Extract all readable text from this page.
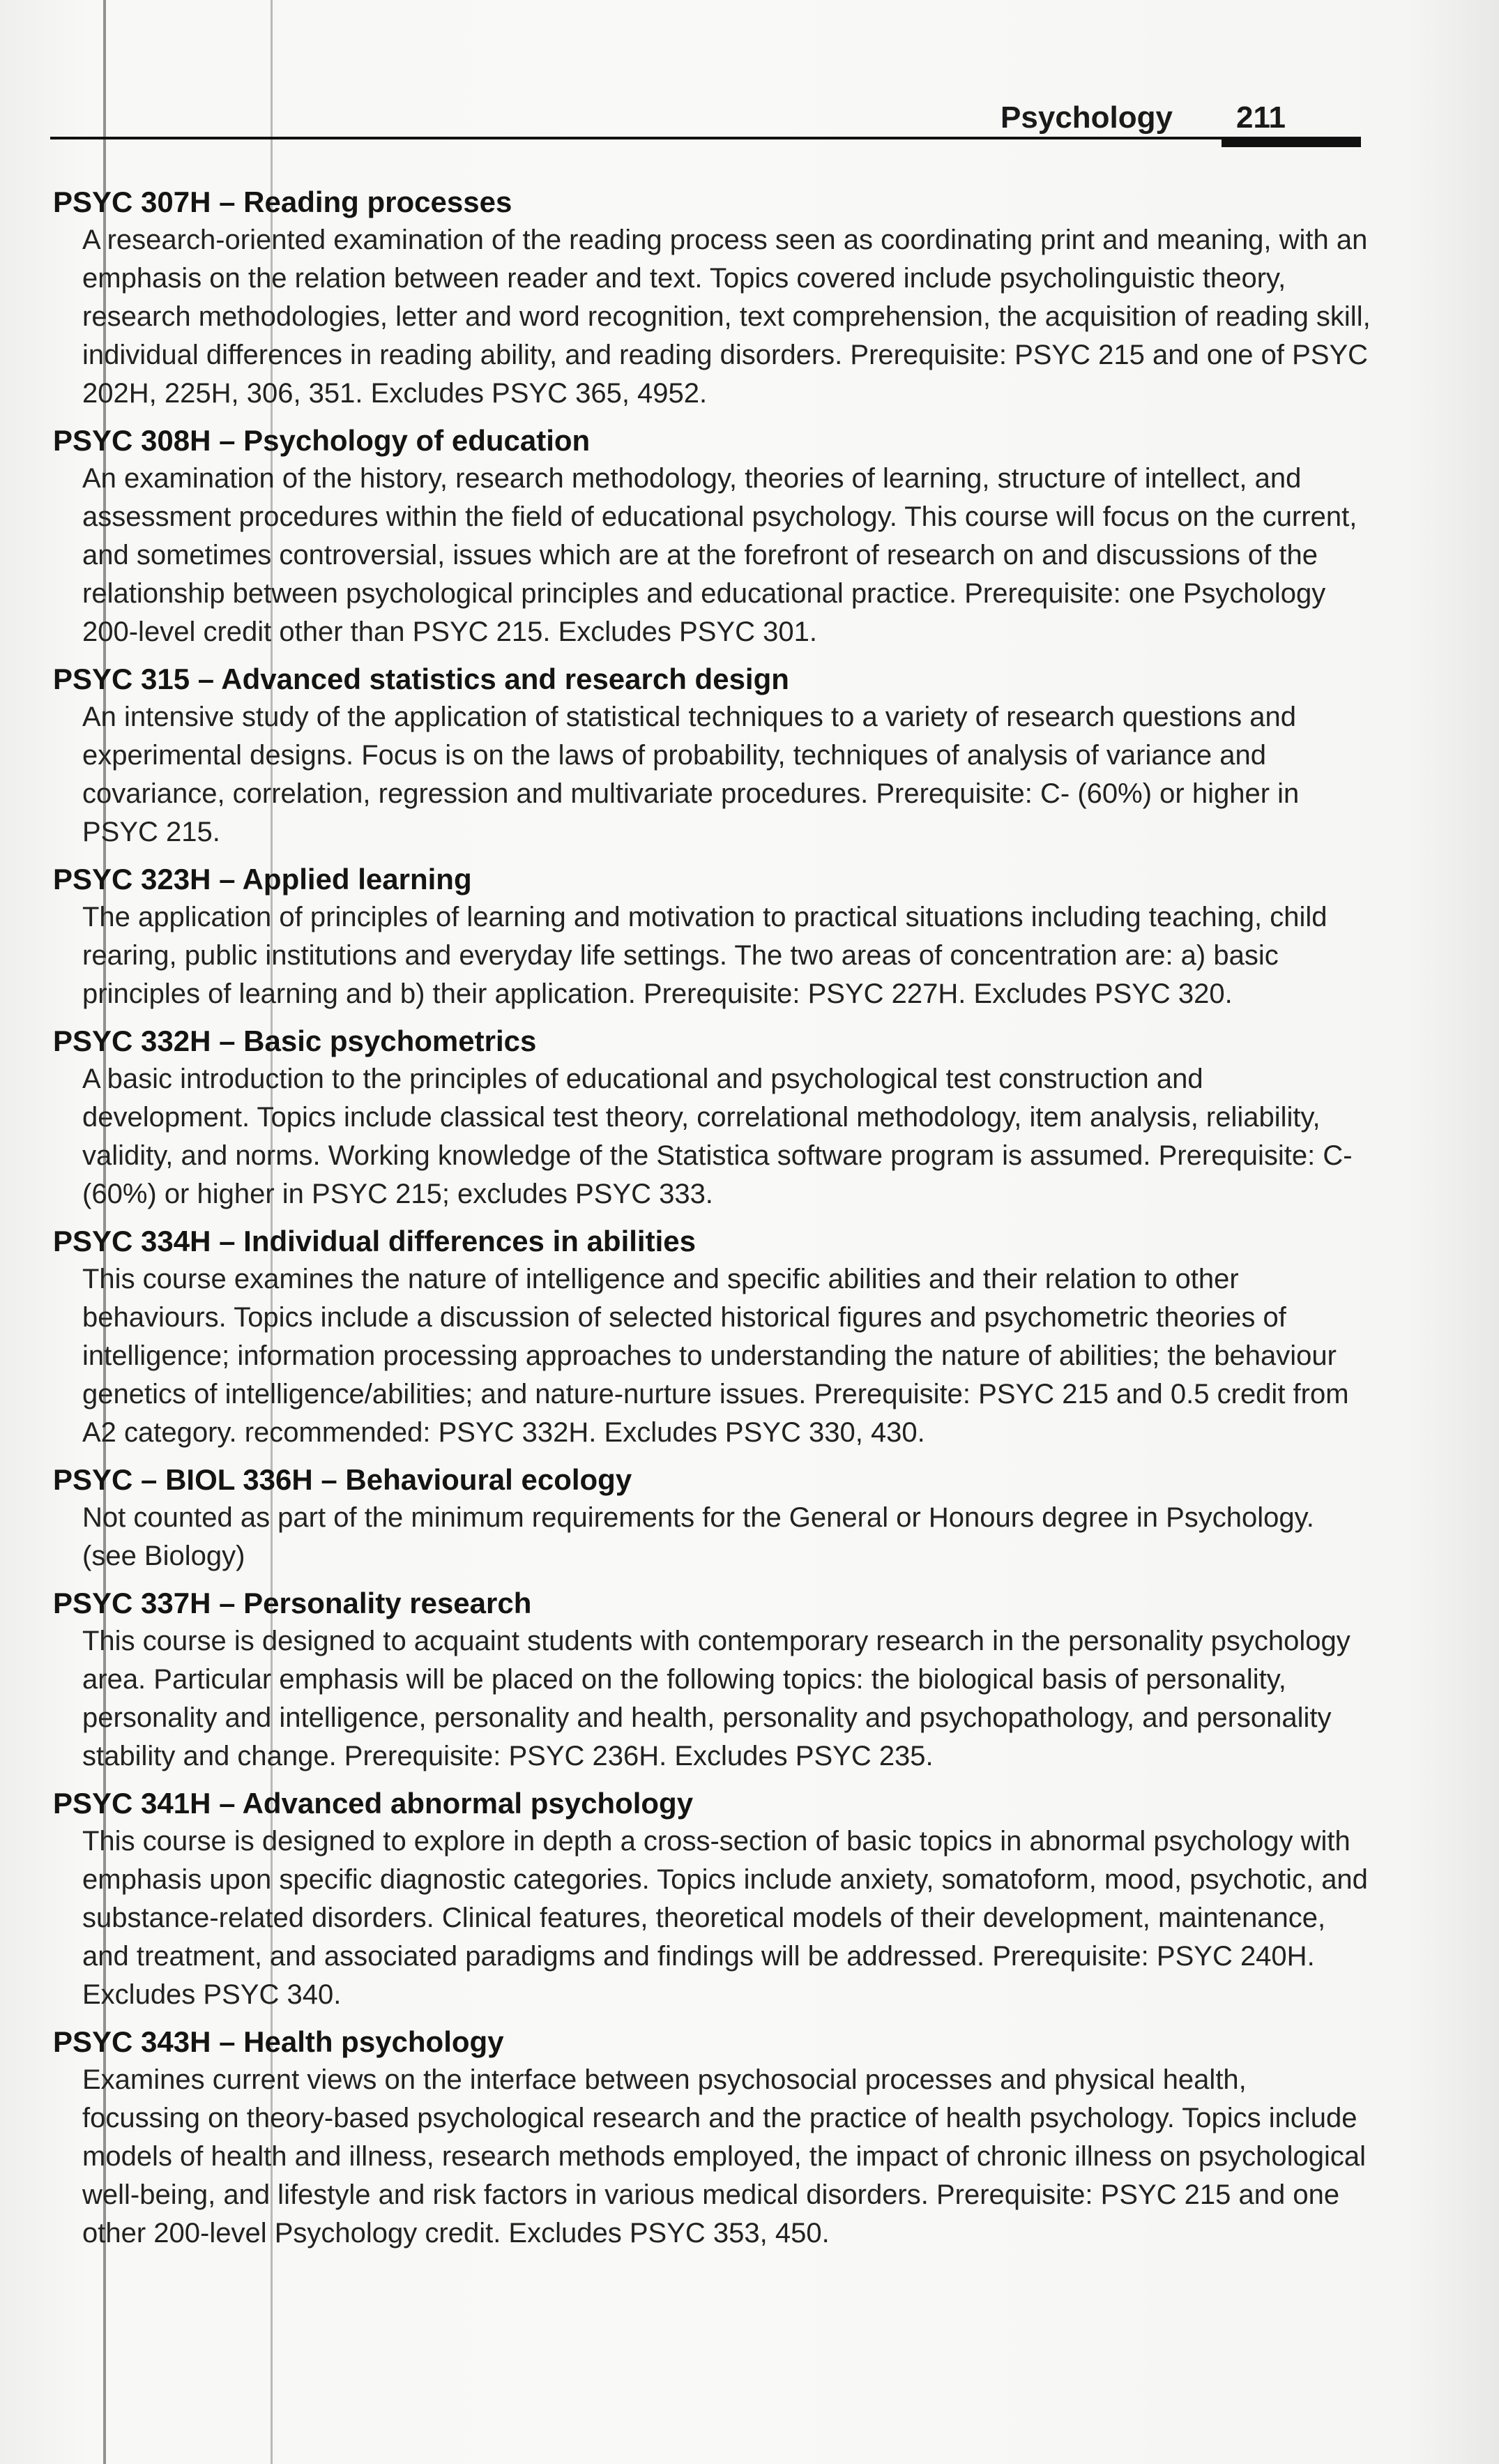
Psychology 211
PSYC 307H – Reading processes
A research-oriented examination of the reading process seen as coordinating print and meaning, with an emphasis on the relation between reader and text. Topics covered include psycholinguistic theory, research methodologies, letter and word recognition, text comprehension, the acquisition of reading skill, individual differences in reading ability, and reading disorders. Prerequisite: PSYC 215 and one of PSYC 202H, 225H, 306, 351. Excludes PSYC 365, 4952.
PSYC 308H – Psychology of education
An examination of the history, research methodology, theories of learning, structure of intellect, and assessment procedures within the field of educational psychology. This course will focus on the current, and sometimes controversial, issues which are at the forefront of research on and discussions of the relationship between psychological principles and educational practice. Prerequisite: one Psychology 200-level credit other than PSYC 215. Excludes PSYC 301.
PSYC 315 – Advanced statistics and research design
An intensive study of the application of statistical techniques to a variety of research questions and experimental designs. Focus is on the laws of probability, techniques of analysis of variance and covariance, correlation, regression and multivariate procedures. Prerequisite: C- (60%) or higher in PSYC 215.
PSYC 323H – Applied learning
The application of principles of learning and motivation to practical situations including teaching, child rearing, public institutions and everyday life settings. The two areas of concentration are: a) basic principles of learning and b) their application. Prerequisite: PSYC 227H. Excludes PSYC 320.
PSYC 332H – Basic psychometrics
A basic introduction to the principles of educational and psychological test construction and development. Topics include classical test theory, correlational methodology, item analysis, reliability, validity, and norms. Working knowledge of the Statistica software program is assumed. Prerequisite: C-(60%) or higher in PSYC 215; excludes PSYC 333.
PSYC 334H – Individual differences in abilities
This course examines the nature of intelligence and specific abilities and their relation to other behaviours. Topics include a discussion of selected historical figures and psychometric theories of intelligence; information processing approaches to understanding the nature of abilities; the behaviour genetics of intelligence/abilities; and nature-nurture issues. Prerequisite: PSYC 215 and 0.5 credit from A2 category. recommended: PSYC 332H. Excludes PSYC 330, 430.
PSYC – BIOL 336H – Behavioural ecology
Not counted as part of the minimum requirements for the General or Honours degree in Psychology. (see Biology)
PSYC 337H – Personality research
This course is designed to acquaint students with contemporary research in the personality psychology area. Particular emphasis will be placed on the following topics: the biological basis of personality, personality and intelligence, personality and health, personality and psychopathology, and personality stability and change. Prerequisite: PSYC 236H. Excludes PSYC 235.
PSYC 341H – Advanced abnormal psychology
This course is designed to explore in depth a cross-section of basic topics in abnormal psychology with emphasis upon specific diagnostic categories. Topics include anxiety, somatoform, mood, psychotic, and substance-related disorders. Clinical features, theoretical models of their development, maintenance, and treatment, and associated paradigms and findings will be addressed. Prerequisite: PSYC 240H. Excludes PSYC 340.
PSYC 343H – Health psychology
Examines current views on the interface between psychosocial processes and physical health, focussing on theory-based psychological research and the practice of health psychology. Topics include models of health and illness, research methods employed, the impact of chronic illness on psychological well-being, and lifestyle and risk factors in various medical disorders. Prerequisite: PSYC 215 and one other 200-level Psychology credit. Excludes PSYC 353, 450.
